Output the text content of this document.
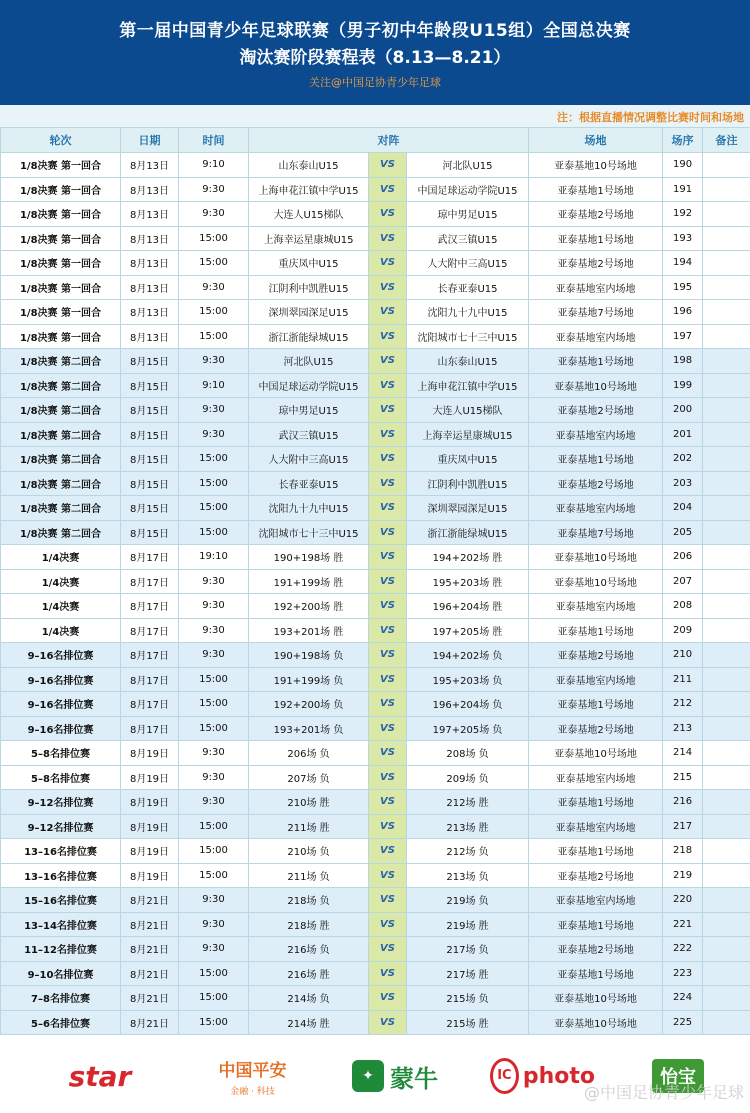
第一届中国青少年足球联赛（男子初中年龄段U15组）全国总决赛
淘汰赛阶段赛程表（8.13—8.21）
关注@中国足协青少年足球
注：根据直播情况调整比赛时间和场地
轮次	日期	时间	对阵			场地	场序	备注
1/8决赛 第一回合	8月13日	9:10	山东泰山U15	VS	河北队U15	亚泰基地10号场地	190	
1/8决赛 第一回合	8月13日	9:30	上海申花江镇中学U15	VS	中国足球运动学院U15	亚泰基地1号场地	191	
1/8决赛 第一回合	8月13日	9:30	大连人U15梯队	VS	琼中男足U15	亚泰基地2号场地	192	
1/8决赛 第一回合	8月13日	15:00	上海幸运星康城U15	VS	武汉三镇U15	亚泰基地1号场地	193	
1/8决赛 第一回合	8月13日	15:00	重庆凤中U15	VS	人大附中三高U15	亚泰基地2号场地	194	
1/8决赛 第一回合	8月13日	9:30	江阴利中凯胜U15	VS	长春亚泰U15	亚泰基地室内场地	195	
1/8决赛 第一回合	8月13日	15:00	深圳翠园深足U15	VS	沈阳九十九中U15	亚泰基地7号场地	196	
1/8决赛 第一回合	8月13日	15:00	浙江浙能绿城U15	VS	沈阳城市七十三中U15	亚泰基地室内场地	197	
1/8决赛 第二回合	8月15日	9:30	河北队U15	VS	山东泰山U15	亚泰基地1号场地	198	
1/8决赛 第二回合	8月15日	9:10	中国足球运动学院U15	VS	上海申花江镇中学U15	亚泰基地10号场地	199	
1/8决赛 第二回合	8月15日	9:30	琼中男足U15	VS	大连人U15梯队	亚泰基地2号场地	200	
1/8决赛 第二回合	8月15日	9:30	武汉三镇U15	VS	上海幸运星康城U15	亚泰基地室内场地	201	
1/8决赛 第二回合	8月15日	15:00	人大附中三高U15	VS	重庆凤中U15	亚泰基地1号场地	202	
1/8决赛 第二回合	8月15日	15:00	长春亚泰U15	VS	江阴利中凯胜U15	亚泰基地2号场地	203	
1/8决赛 第二回合	8月15日	15:00	沈阳九十九中U15	VS	深圳翠园深足U15	亚泰基地室内场地	204	
1/8决赛 第二回合	8月15日	15:00	沈阳城市七十三中U15	VS	浙江浙能绿城U15	亚泰基地7号场地	205	
1/4决赛	8月17日	19:10	190+198场 胜	VS	194+202场 胜	亚泰基地10号场地	206	
1/4决赛	8月17日	9:30	191+199场 胜	VS	195+203场 胜	亚泰基地10号场地	207	
1/4决赛	8月17日	9:30	192+200场 胜	VS	196+204场 胜	亚泰基地室内场地	208	
1/4决赛	8月17日	9:30	193+201场 胜	VS	197+205场 胜	亚泰基地1号场地	209	
9–16名排位赛	8月17日	9:30	190+198场 负	VS	194+202场 负	亚泰基地2号场地	210	
9–16名排位赛	8月17日	15:00	191+199场 负	VS	195+203场 负	亚泰基地室内场地	211	
9–16名排位赛	8月17日	15:00	192+200场 负	VS	196+204场 负	亚泰基地1号场地	212	
9–16名排位赛	8月17日	15:00	193+201场 负	VS	197+205场 负	亚泰基地2号场地	213	
5–8名排位赛	8月19日	9:30	206场 负	VS	208场 负	亚泰基地10号场地	214	
5–8名排位赛	8月19日	9:30	207场 负	VS	209场 负	亚泰基地室内场地	215	
9–12名排位赛	8月19日	9:30	210场 胜	VS	212场 胜	亚泰基地1号场地	216	
9–12名排位赛	8月19日	15:00	211场 胜	VS	213场 胜	亚泰基地室内场地	217	
13–16名排位赛	8月19日	15:00	210场 负	VS	212场 负	亚泰基地1号场地	218	
13–16名排位赛	8月19日	15:00	211场 负	VS	213场 负	亚泰基地2号场地	219	
15–16名排位赛	8月21日	9:30	218场 负	VS	219场 负	亚泰基地室内场地	220	
13–14名排位赛	8月21日	9:30	218场 胜	VS	219场 胜	亚泰基地1号场地	221	
11–12名排位赛	8月21日	9:30	216场 负	VS	217场 负	亚泰基地2号场地	222	
9–10名排位赛	8月21日	15:00	216场 胜	VS	217场 胜	亚泰基地1号场地	223	
7–8名排位赛	8月21日	15:00	214场 负	VS	215场 负	亚泰基地10号场地	224	
5–6名排位赛	8月21日	15:00	214场 胜	VS	215场 胜	亚泰基地10号场地	225	
star	中国平安
金融 · 科技
✦ 蒙牛	IC photo	怡宝
@中国足协青少年足球
